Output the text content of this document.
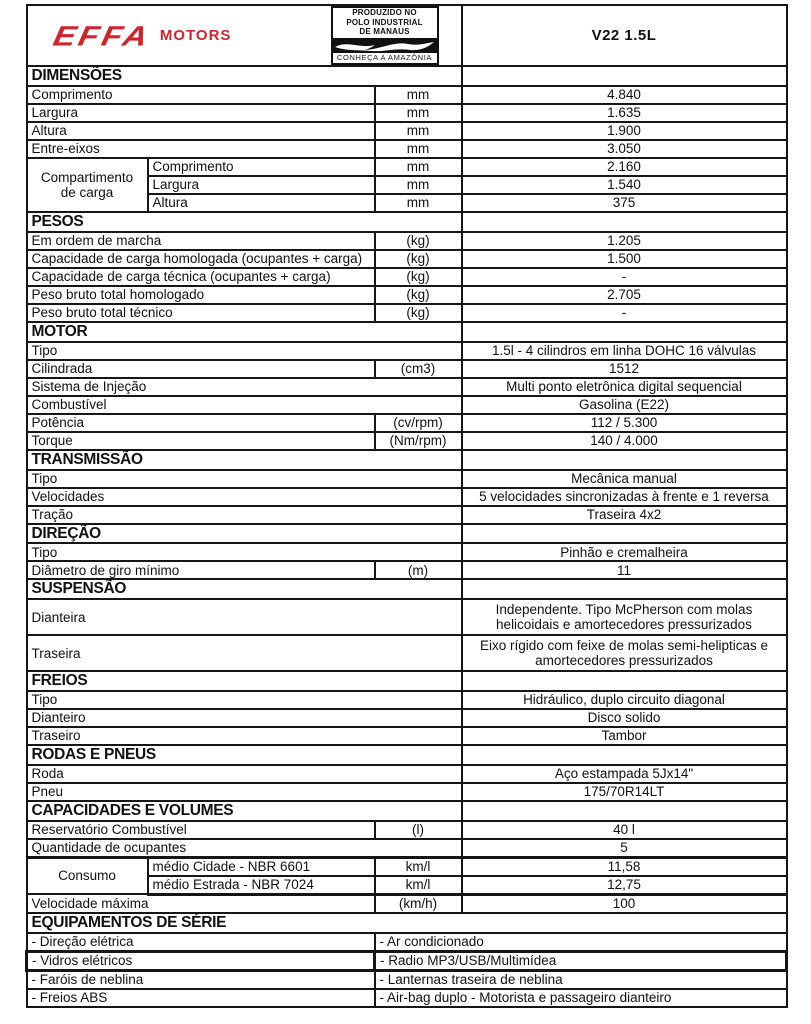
EFFA MOTORS
PRODUZIDO NO
POLO INDUSTRIAL
DE MANAUS
CONHEÇA A AMAZÔNIA
	V22 1.5L
DIMENSÕES			
Comprimento		mm	4.840
Largura		mm	1.635
Altura		mm	1.900
Entre-eixos		mm	3.050
Compartimento de carga	Comprimento	mm	2.160
	Largura	mm	1.540
	Altura	mm	375
PESOS			
Em ordem de marcha		(kg)	1.205
Capacidade de carga homologada (ocupantes + carga)		(kg)	1.500
Capacidade de carga técnica (ocupantes + carga)		(kg)	-
Peso bruto total homologado		(kg)	2.705
Peso bruto total técnico		(kg)	-
MOTOR			
Tipo			1.5l - 4 cilindros em linha DOHC 16 válvulas
Cilindrada		(cm3)	1512
Sistema de Injeção			Multi ponto eletrônica digital sequencial
Combustível			Gasolina (E22)
Potência		(cv/rpm)	112 / 5.300
Torque		(Nm/rpm)	140 / 4.000
TRANSMISSÃO			
Tipo			Mecânica manual
Velocidades			5 velocidades sincronizadas à frente e 1 reversa
Tração			Traseira 4x2
DIREÇÃO			
Tipo			Pinhão e cremalheira
Diâmetro de giro mínimo		(m)	11
SUSPENSÃO			
Dianteira			Independente. Tipo McPherson com molas helicoidais e amortecedores pressurizados
Traseira			Eixo rígido com feixe de molas semi-helipticas e amortecedores pressurizados
FREIOS			
Tipo			Hidráulico, duplo circuito diagonal
Dianteiro			Disco solido
Traseiro			Tambor
RODAS E PNEUS			
Roda			Aço estampada 5Jx14"
Pneu			175/70R14LT
CAPACIDADES E VOLUMES			
Reservatório Combustível		(l)	40 l
Quantidade de ocupantes			5
Consumo	médio Cidade - NBR 6601	km/l	11,58
	médio Estrada - NBR 7024	km/l	12,75
Velocidade máxima		(km/h)	100
EQUIPAMENTOS DE SÉRIE			
- Direção elétrica		- Ar condicionado	
- Vidros elétricos		- Radio MP3/USB/Multimídea	
- Faróis de neblina		- Lanternas traseira de neblina	
- Freios ABS		- Air-bag duplo - Motorista e passageiro dianteiro	
